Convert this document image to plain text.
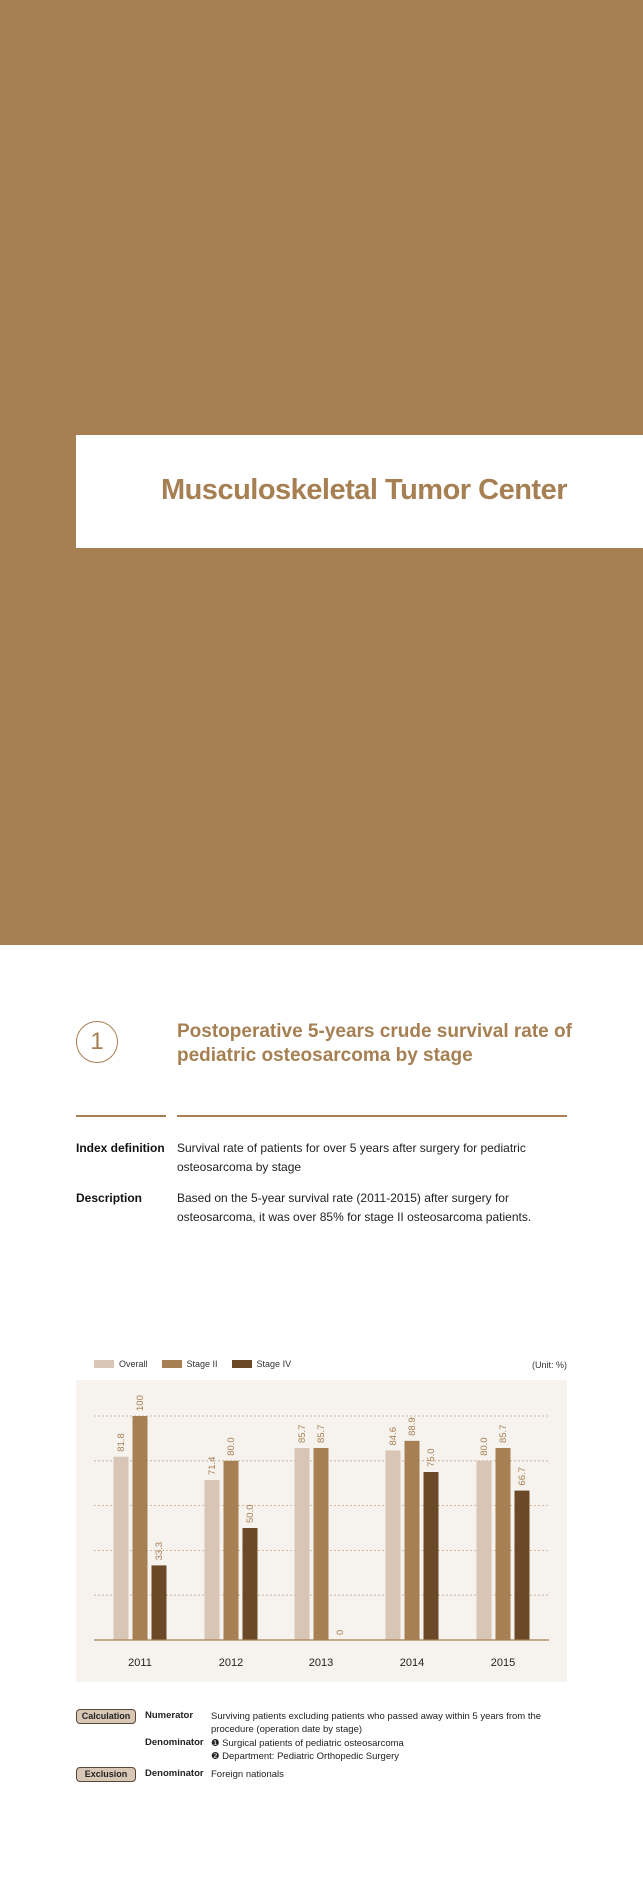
Musculoskeletal Tumor Center
1	Postoperative 5-years crude survival rate of pediatric osteosarcoma by stage
Index definition Survival rate of patients for over 5 years after surgery for pediatric osteosarcoma by stage
Description	Based on the 5-year survival rate (2011-2015) after surgery for osteosarcoma, it was over 85% for stage II osteosarcoma patients.
Overall	Stage II	Stage IV	(Unit: %)
81.8
100
33.3
2011
71.4
80.0
50.0
2012
85.7 85.7
0
2013
84.6
88.9
75.0
2014
80.0
85.7
66.7
2015
Calculation	Numerator Surviving patients excluding patients who passed away within 5 years from the procedure (operation date by stage)
Denominator ❶ Surgical patients of pediatric osteosarcoma
❷ Department: Pediatric Orthopedic Surgery
Exclusion	Denominator Foreign nationals
